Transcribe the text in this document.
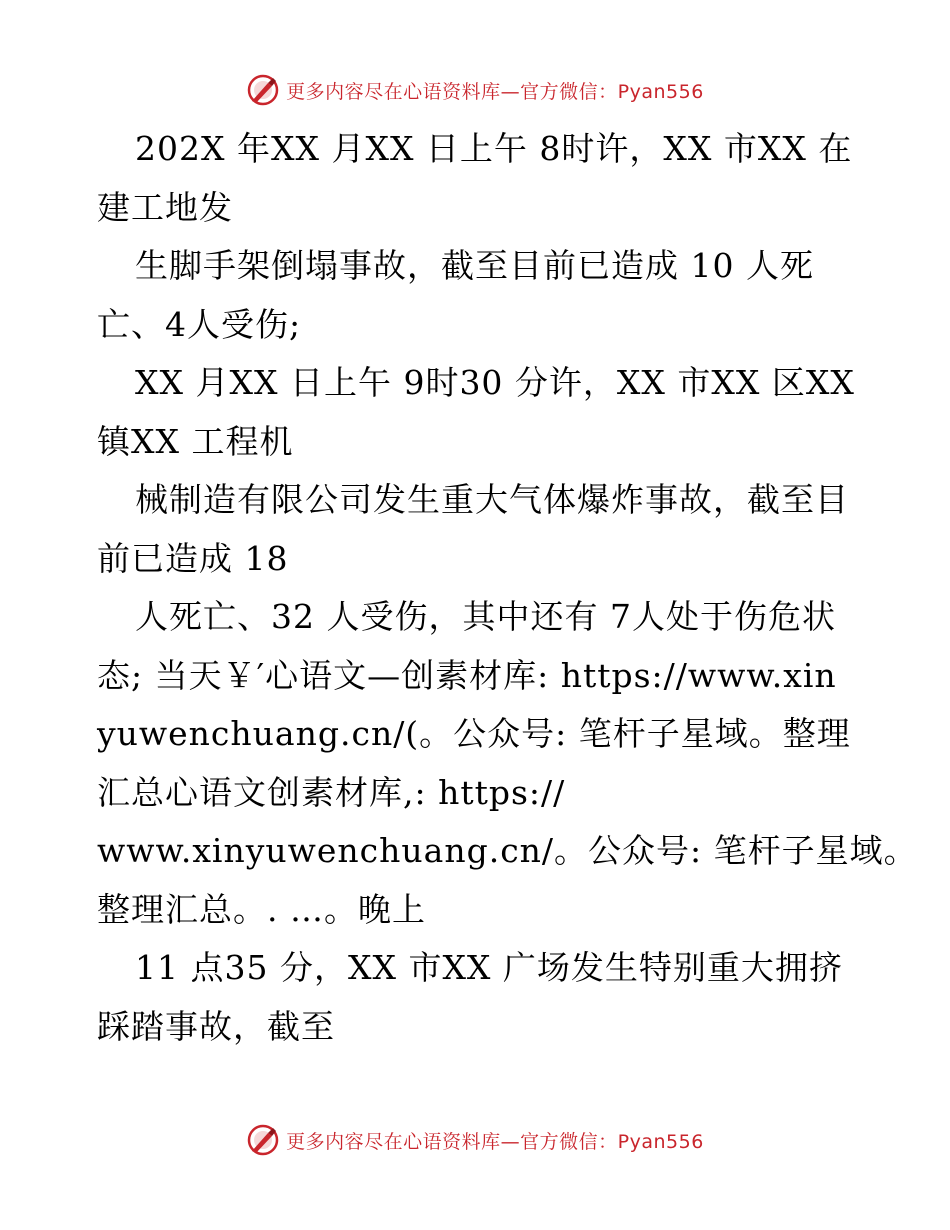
更多内容尽在心语资料库—官方微信：Pyan556
202X 年XX 月XX 日上午 8时许，XX 市XX 在
建工地发
生脚手架倒塌事故，截至目前已造成 10 人死
亡、4人受伤;
XX 月XX 日上午 9时30 分许，XX 市XX 区XX
镇XX 工程机
械制造有限公司发生重大气体爆炸事故，截至目
前已造成 18
人死亡、32 人受伤，其中还有 7人处于伤危状
态; 当天￥′心语文—创素材库: https://www.xin
yuwenchuang.cn/(。公众号: 笔杆子星域。整理
汇总心语文创素材库,: https://
www.xinyuwenchuang.cn/。公众号: 笔杆子星域。
整理汇总。. …。晚上
11 点35 分，XX 市XX 广场发生特别重大拥挤
踩踏事故，截至
更多内容尽在心语资料库—官方微信：Pyan556
